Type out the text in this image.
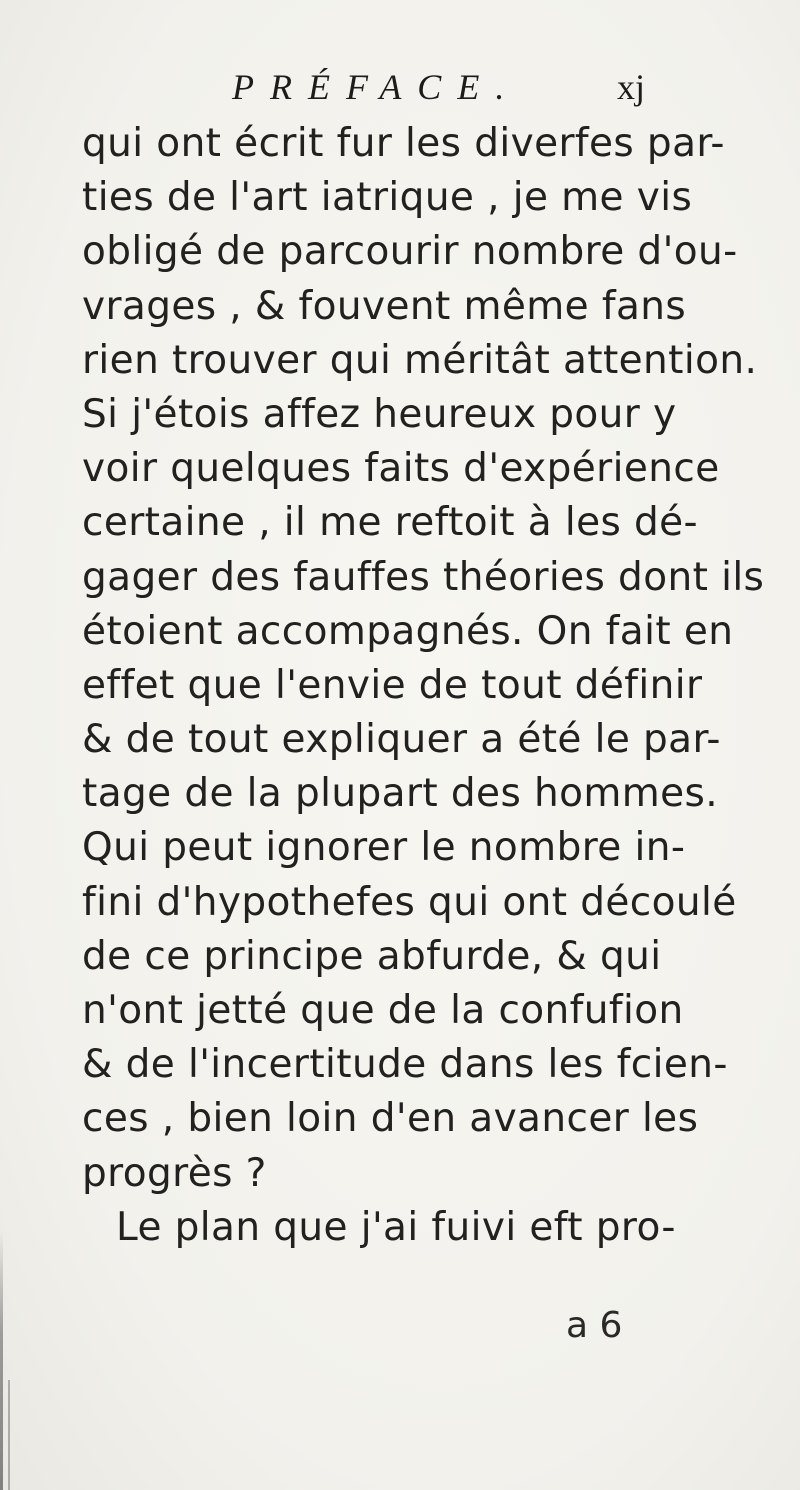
PRÉFACE.	xj
qui ont écrit fur les diverfes par-
ties de l'art iatrique , je me vis
obligé de parcourir nombre d'ou-
vrages , & fouvent même fans
rien trouver qui méritât attention.
Si j'étois affez heureux pour y
voir quelques faits d'expérience
certaine , il me reftoit à les dé-
gager des fauffes théories dont ils
étoient accompagnés. On fait en
effet que l'envie de tout définir
& de tout expliquer a été le par-
tage de la plupart des hommes.
Qui peut ignorer le nombre in-
fini d'hypothefes qui ont découlé
de ce principe abfurde, & qui
n'ont jetté que de la confufion
& de l'incertitude dans les fcien-
ces , bien loin d'en avancer les
progrès ?
Le plan que j'ai fuivi eft pro-
a 6
